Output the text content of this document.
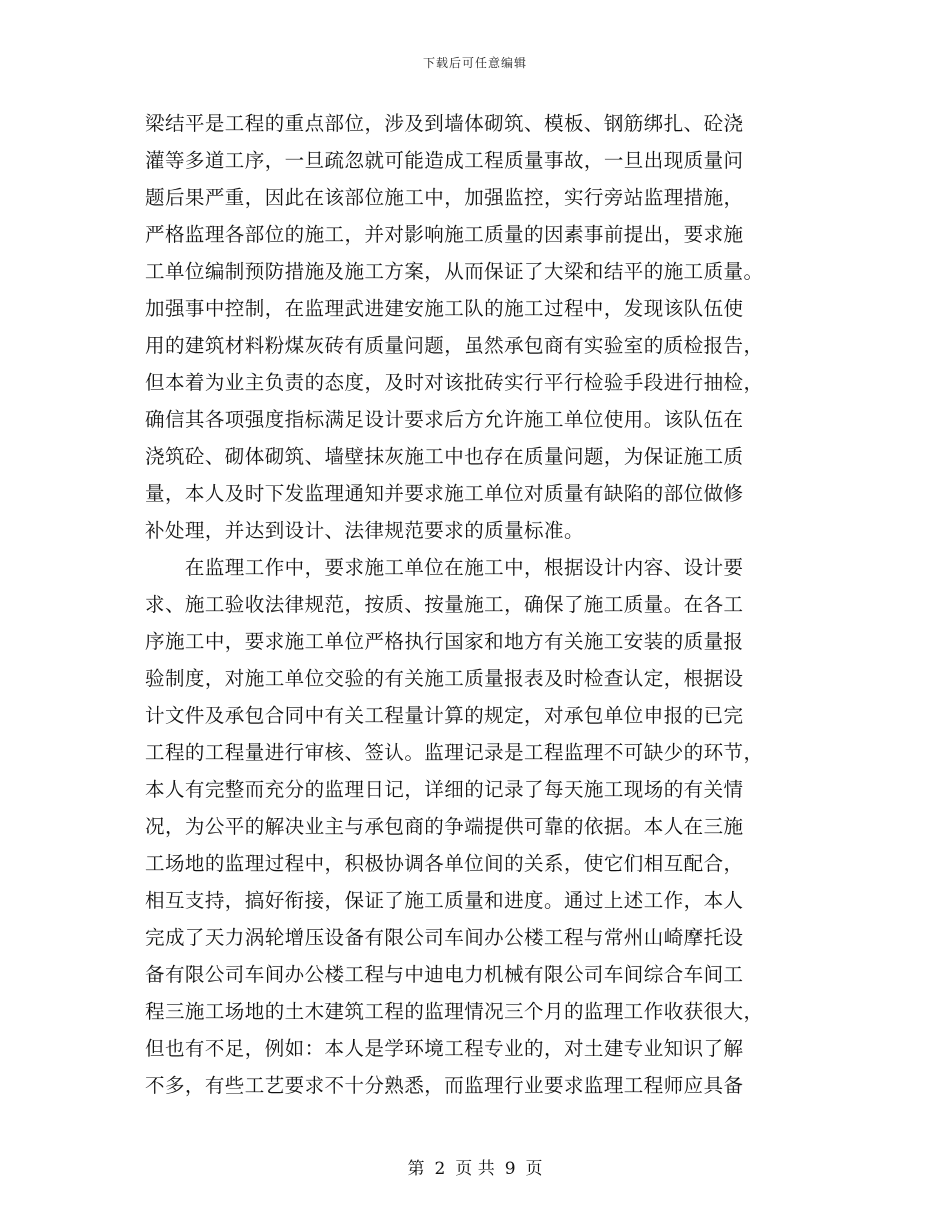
下载后可任意编辑
梁结平是工程的重点部位，涉及到墙体砌筑、模板、钢筋绑扎、砼浇
灌等多道工序，一旦疏忽就可能造成工程质量事故，一旦出现质量问
题后果严重，因此在该部位施工中，加强监控，实行旁站监理措施，
严格监理各部位的施工，并对影响施工质量的因素事前提出，要求施
工单位编制预防措施及施工方案，从而保证了大梁和结平的施工质量。
加强事中控制，在监理武进建安施工队的施工过程中，发现该队伍使
用的建筑材料粉煤灰砖有质量问题，虽然承包商有实验室的质检报告，
但本着为业主负责的态度，及时对该批砖实行平行检验手段进行抽检，
确信其各项强度指标满足设计要求后方允许施工单位使用。该队伍在
浇筑砼、砌体砌筑、墙壁抹灰施工中也存在质量问题，为保证施工质
量，本人及时下发监理通知并要求施工单位对质量有缺陷的部位做修
补处理，并达到设计、法律规范要求的质量标准。
　　在监理工作中，要求施工单位在施工中，根据设计内容、设计要
求、施工验收法律规范，按质、按量施工，确保了施工质量。在各工
序施工中，要求施工单位严格执行国家和地方有关施工安装的质量报
验制度，对施工单位交验的有关施工质量报表及时检查认定，根据设
计文件及承包合同中有关工程量计算的规定，对承包单位申报的已完
工程的工程量进行审核、签认。监理记录是工程监理不可缺少的环节，
本人有完整而充分的监理日记，详细的记录了每天施工现场的有关情
况，为公平的解决业主与承包商的争端提供可靠的依据。本人在三施
工场地的监理过程中，积极协调各单位间的关系，使它们相互配合，
相互支持，搞好衔接，保证了施工质量和进度。通过上述工作，本人
完成了天力涡轮增压设备有限公司车间办公楼工程与常州山崎摩托设
备有限公司车间办公楼工程与中迪电力机械有限公司车间综合车间工
程三施工场地的土木建筑工程的监理情况三个月的监理工作收获很大，
但也有不足，例如：本人是学环境工程专业的，对土建专业知识了解
不多，有些工艺要求不十分熟悉，而监理行业要求监理工程师应具备
第 2 页 共 9 页
